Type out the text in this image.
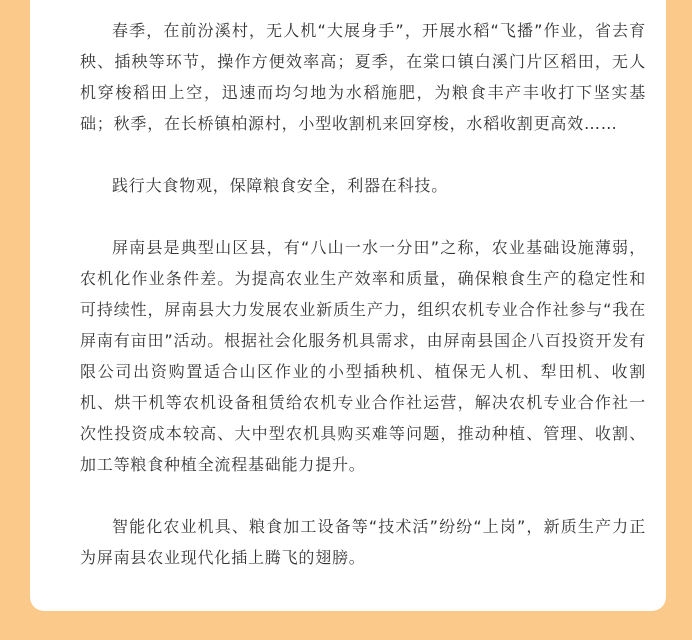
春季，在前汾溪村，无人机“大展身手”，开展水稻“飞播”作业，省去育秧、插秧等环节，操作方便效率高；夏季，在棠口镇白溪门片区稻田，无人机穿梭稻田上空，迅速而均匀地为水稻施肥，为粮食丰产丰收打下坚实基础；秋季，在长桥镇柏源村，小型收割机来回穿梭，水稻收割更高效……

践行大食物观，保障粮食安全，利器在科技。

屏南县是典型山区县，有“八山一水一分田”之称，农业基础设施薄弱，农机化作业条件差。为提高农业生产效率和质量，确保粮食生产的稳定性和可持续性，屏南县大力发展农业新质生产力，组织农机专业合作社参与“我在屏南有亩田”活动。根据社会化服务机具需求，由屏南县国企八百投资开发有限公司出资购置适合山区作业的小型插秧机、植保无人机、犁田机、收割机、烘干机等农机设备租赁给农机专业合作社运营，解决农机专业合作社一次性投资成本较高、大中型农机具购买难等问题，推动种植、管理、收割、加工等粮食种植全流程基础能力提升。

智能化农业机具、粮食加工设备等“技术活”纷纷“上岗”，新质生产力正为屏南县农业现代化插上腾飞的翅膀。
